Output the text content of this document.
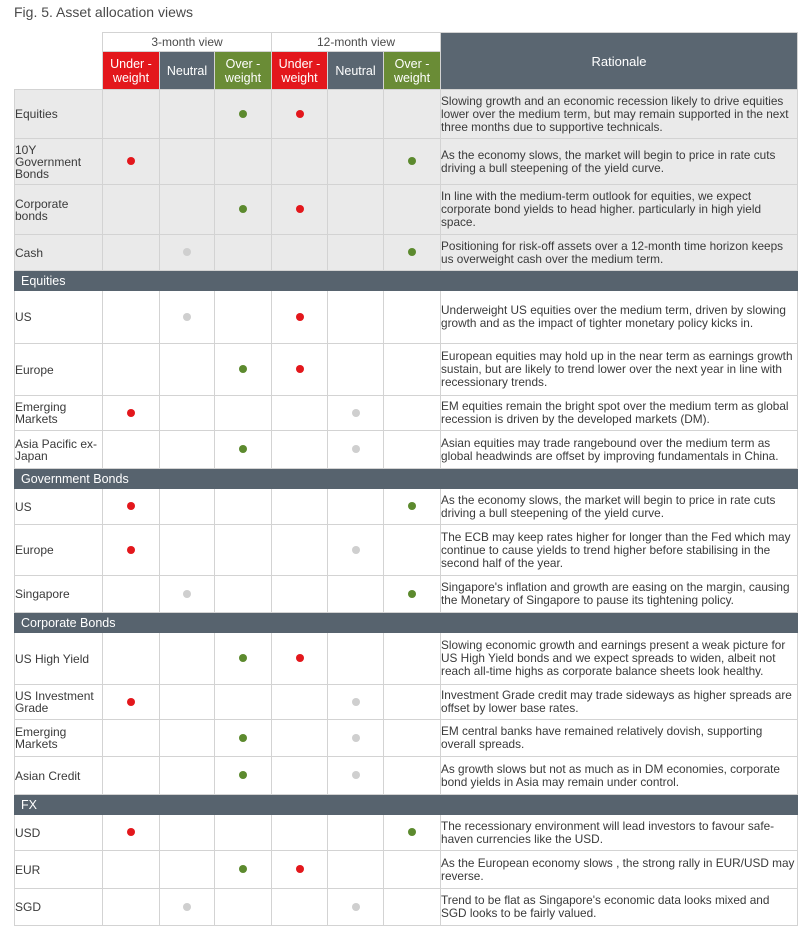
Fig. 5. Asset allocation views
	3-month view			12-month view			Rationale
	Under - weight	Neutral	Over - weight	Under - weight	Neutral	Over - weight	
Equities							Slowing growth and an economic recession likely to drive equities lower over the medium term, but may remain supported in the next three months due to supportive technicals.
10Y Government Bonds							As the economy slows, the market will begin to price in rate cuts driving a bull steepening of the yield curve.
Corporate bonds							In line with the medium-term outlook for equities, we expect corporate bond yields to head higher. particularly in high yield space.
Cash							Positioning for risk-off assets over a 12-month time horizon keeps us overweight cash over the medium term.
Equities							
US							Underweight US equities over the medium term, driven by slowing growth and as the impact of tighter monetary policy kicks in.
Europe							European equities may hold up in the near term as earnings growth sustain, but are likely to trend lower over the next year in line with recessionary trends.
Emerging Markets							EM equities remain the bright spot over the medium term as global recession is driven by the developed markets (DM).
Asia Pacific ex-Japan							Asian equities may trade rangebound over the medium term as global headwinds are offset by improving fundamentals in China.
Government Bonds							
US							As the economy slows, the market will begin to price in rate cuts driving a bull steepening of the yield curve.
Europe							The ECB may keep rates higher for longer than the Fed which may continue to cause yields to trend higher before stabilising in the second half of the year.
Singapore							Singapore's inflation and growth are easing on the margin, causing the Monetary of Singapore to pause its tightening policy.
Corporate Bonds							
US High Yield							Slowing economic growth and earnings present a weak picture for US High Yield bonds and we expect spreads to widen, albeit not reach all-time highs as corporate balance sheets look healthy.
US Investment Grade							Investment Grade credit may trade sideways as higher spreads are offset by lower base rates.
Emerging Markets							EM central banks have remained relatively dovish, supporting overall spreads.
Asian Credit							As growth slows but not as much as in DM economies, corporate bond yields in Asia may remain under control.
FX							
USD							The recessionary environment will lead investors to favour safe-haven currencies like the USD.
EUR							As the European economy slows , the strong rally in EUR/USD may reverse.
SGD							Trend to be flat as Singapore's economic data looks mixed and SGD looks to be fairly valued.
